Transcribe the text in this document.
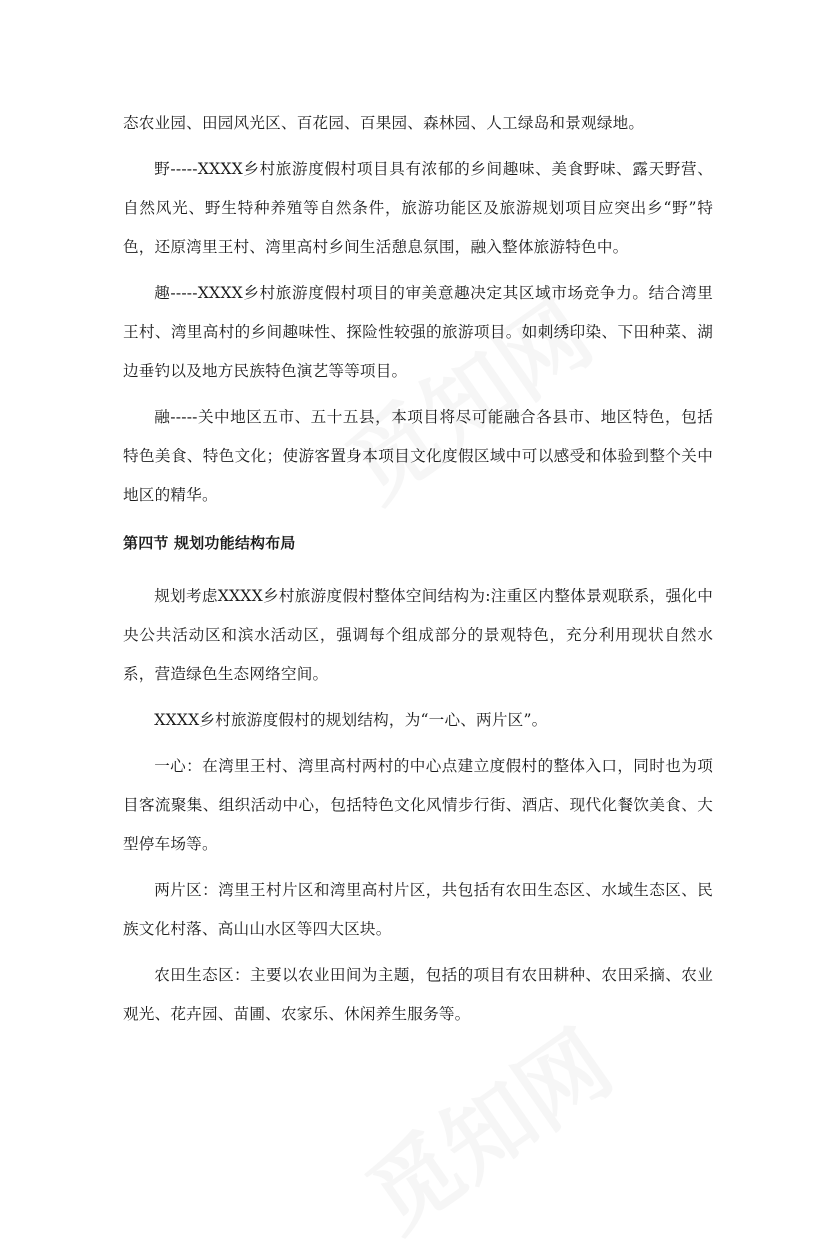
态农业园、田园风光区、百花园、百果园、森林园、人工绿岛和景观绿地。

野-----XXXX乡村旅游度假村项目具有浓郁的乡间趣味、美食野味、露天野营、自然风光、野生特种养殖等自然条件，旅游功能区及旅游规划项目应突出乡“野”特色，还原湾里王村、湾里高村乡间生活憩息氛围，融入整体旅游特色中。

趣-----XXXX乡村旅游度假村项目的审美意趣决定其区域市场竞争力。结合湾里王村、湾里高村的乡间趣味性、探险性较强的旅游项目。如刺绣印染、下田种菜、湖边垂钓以及地方民族特色演艺等等项目。

融-----关中地区五市、五十五县，本项目将尽可能融合各县市、地区特色，包括特色美食、特色文化；使游客置身本项目文化度假区域中可以感受和体验到整个关中地区的精华。

第四节 规划功能结构布局

规划考虑XXXX乡村旅游度假村整体空间结构为:注重区内整体景观联系，强化中央公共活动区和滨水活动区，强调每个组成部分的景观特色，充分利用现状自然水系，营造绿色生态网络空间。

XXXX乡村旅游度假村的规划结构，为“一心、两片区”。

一心：在湾里王村、湾里高村两村的中心点建立度假村的整体入口，同时也为项目客流聚集、组织活动中心，包括特色文化风情步行街、酒店、现代化餐饮美食、大型停车场等。

两片区：湾里王村片区和湾里高村片区，共包括有农田生态区、水域生态区、民族文化村落、高山山水区等四大区块。

农田生态区：主要以农业田间为主题，包括的项目有农田耕种、农田采摘、农业观光、花卉园、苗圃、农家乐、休闲养生服务等。
